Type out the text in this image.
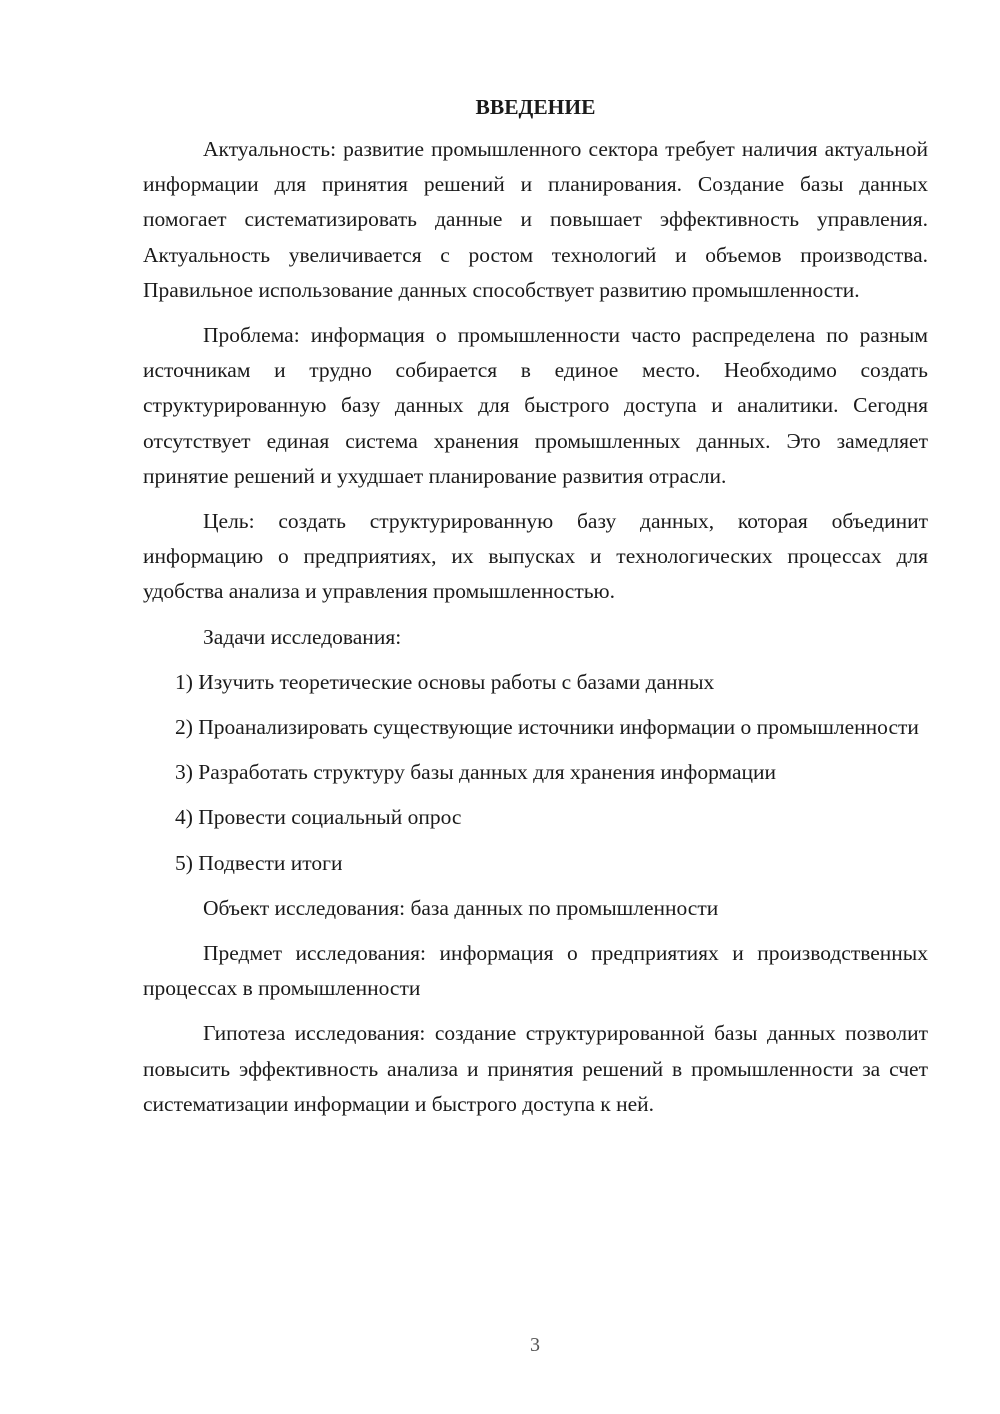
ВВЕДЕНИЕ

Актуальность: развитие промышленного сектора требует наличия актуальной информации для принятия решений и планирования. Создание базы данных помогает систематизировать данные и повышает эффективность управления. Актуальность увеличивается с ростом технологий и объемов производства. Правильное использование данных способствует развитию промышленности.

Проблема: информация о промышленности часто распределена по разным источникам и трудно собирается в единое место. Необходимо создать структурированную базу данных для быстрого доступа и аналитики. Сегодня отсутствует единая система хранения промышленных данных. Это замедляет принятие решений и ухудшает планирование развития отрасли.

Цель: создать структурированную базу данных, которая объединит информацию о предприятиях, их выпусках и технологических процессах для удобства анализа и управления промышленностью.

Задачи исследования:

1) Изучить теоретические основы работы с базами данных

2) Проанализировать существующие источники информации о промышленности

3) Разработать структуру базы данных для хранения информации

4) Провести социальный опрос

5) Подвести итоги

Объект исследования: база данных по промышленности

Предмет исследования: информация о предприятиях и производственных процессах в промышленности

Гипотеза исследования: создание структурированной базы данных позволит повысить эффективность анализа и принятия решений в промышленности за счет систематизации информации и быстрого доступа к ней.

3
